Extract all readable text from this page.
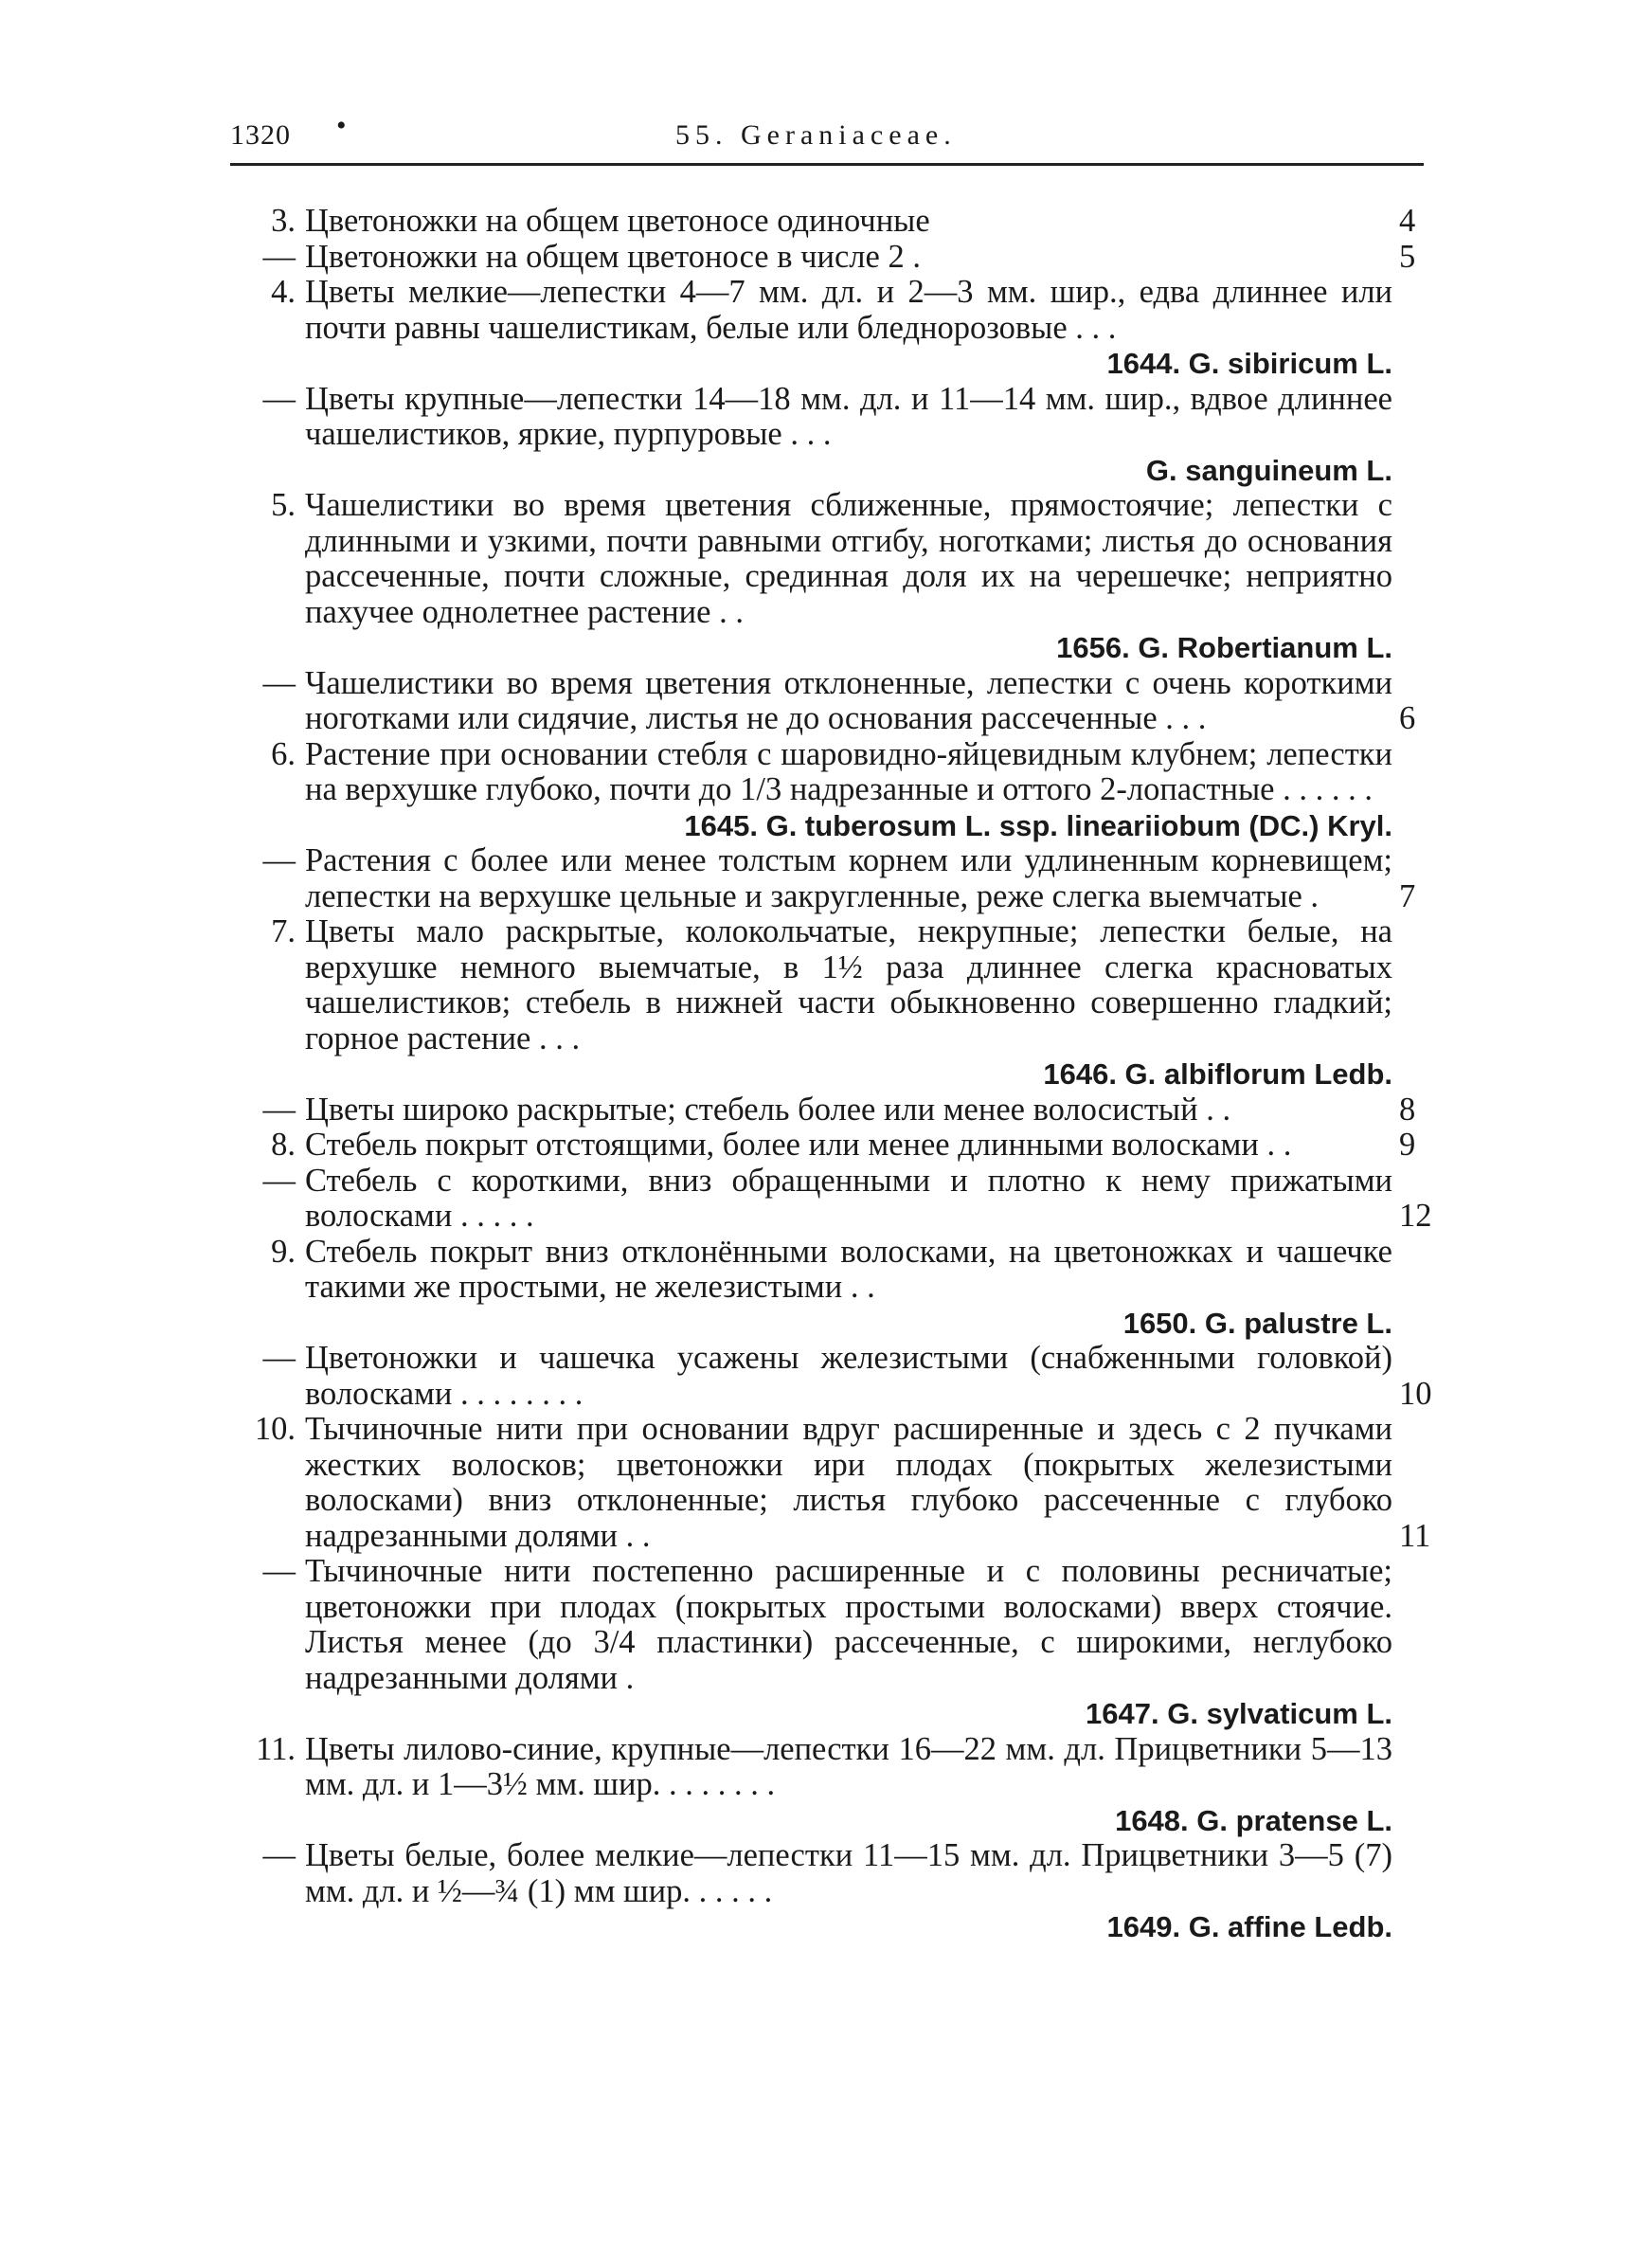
1320 •	55. Geraniaceae.
3. Цветоножки на общем цветоносе одиночные	4
— Цветоножки на общем цветоносе в числе 2 .	5
4. Цветы мелкие—лепестки 4—7 мм. дл. и 2—3 мм. шир., едва длиннее или почти равны чашелистикам, белые или бледнорозовые . . .
1644. G. sibiricum L.
— Цветы крупные—лепестки 14—18 мм. дл. и 11—14 мм. шир., вдвое длиннее чашелистиков, яркие, пурпуровые . . .
G. sanguineum L.
5. Чашелистики во время цветения сближенные, прямостоячие; лепестки с длинными и узкими, почти равными отгибу, ноготками; листья до основания рассеченные, почти сложные, срединная доля их на черешечке; неприятно пахучее однолетнее растение . .
1656. G. Robertianum L.
— Чашелистики во время цветения отклоненные, лепестки с очень короткими ноготками или сидячие, листья не до основания рассеченные . . .	6
6. Растение при основании стебля с шаровидно-яйцевидным клубнем; лепестки на верхушке глубоко, почти до 1/3 надрезанные и оттого 2-лопастные . . . . . .
1645. G. tuberosum L. ssp. lineariiobum (DC.) Kryl.
— Растения с более или менее толстым корнем или удлиненным корневищем; лепестки на верхушке цельные и закругленные, реже слегка выемчатые .	7
7. Цветы мало раскрытые, колокольчатые, некрупные; лепестки белые, на верхушке немного выемчатые, в 1½ раза длиннее слегка красноватых чашелистиков; стебель в нижней части обыкновенно совершенно гладкий; горное растение . . .
1646. G. albiflorum Ledb.
— Цветы широко раскрытые; стебель более или менее волосистый . .	8
8. Стебель покрыт отстоящими, более или менее длинными волосками . .	9
— Стебель с короткими, вниз обращенными и плотно к нему прижатыми волосками . . . . .	12
9. Стебель покрыт вниз отклонёнными волосками, на цветоножках и чашечке такими же простыми, не железистыми . .
1650. G. palustre L.
— Цветоножки и чашечка усажены железистыми (снабженными головкой) волосками . . . . . . . .	10
10. Тычиночные нити при основании вдруг расширенные и здесь с 2 пучками жестких волосков; цветоножки ири плодах (покрытых железистыми волосками) вниз отклоненные; листья глубоко рассеченные с глубоко надрезанными долями . .	11
— Тычиночные нити постепенно расширенные и с половины ресничатые; цветоножки при плодах (покрытых простыми волосками) вверх стоячие. Листья менее (до 3/4 пластинки) рассеченные, с широкими, неглубоко надрезанными долями .
1647. G. sylvaticum L.
11. Цветы лилово-синие, крупные—лепестки 16—22 мм. дл. Прицветники 5—13 мм. дл. и 1—3½ мм. шир. . . . . . . .
1648. G. pratense L.
— Цветы белые, более мелкие—лепестки 11—15 мм. дл. Прицветники 3—5 (7) мм. дл. и ½—¾ (1) мм шир. . . . . .
1649. G. affine Ledb.
